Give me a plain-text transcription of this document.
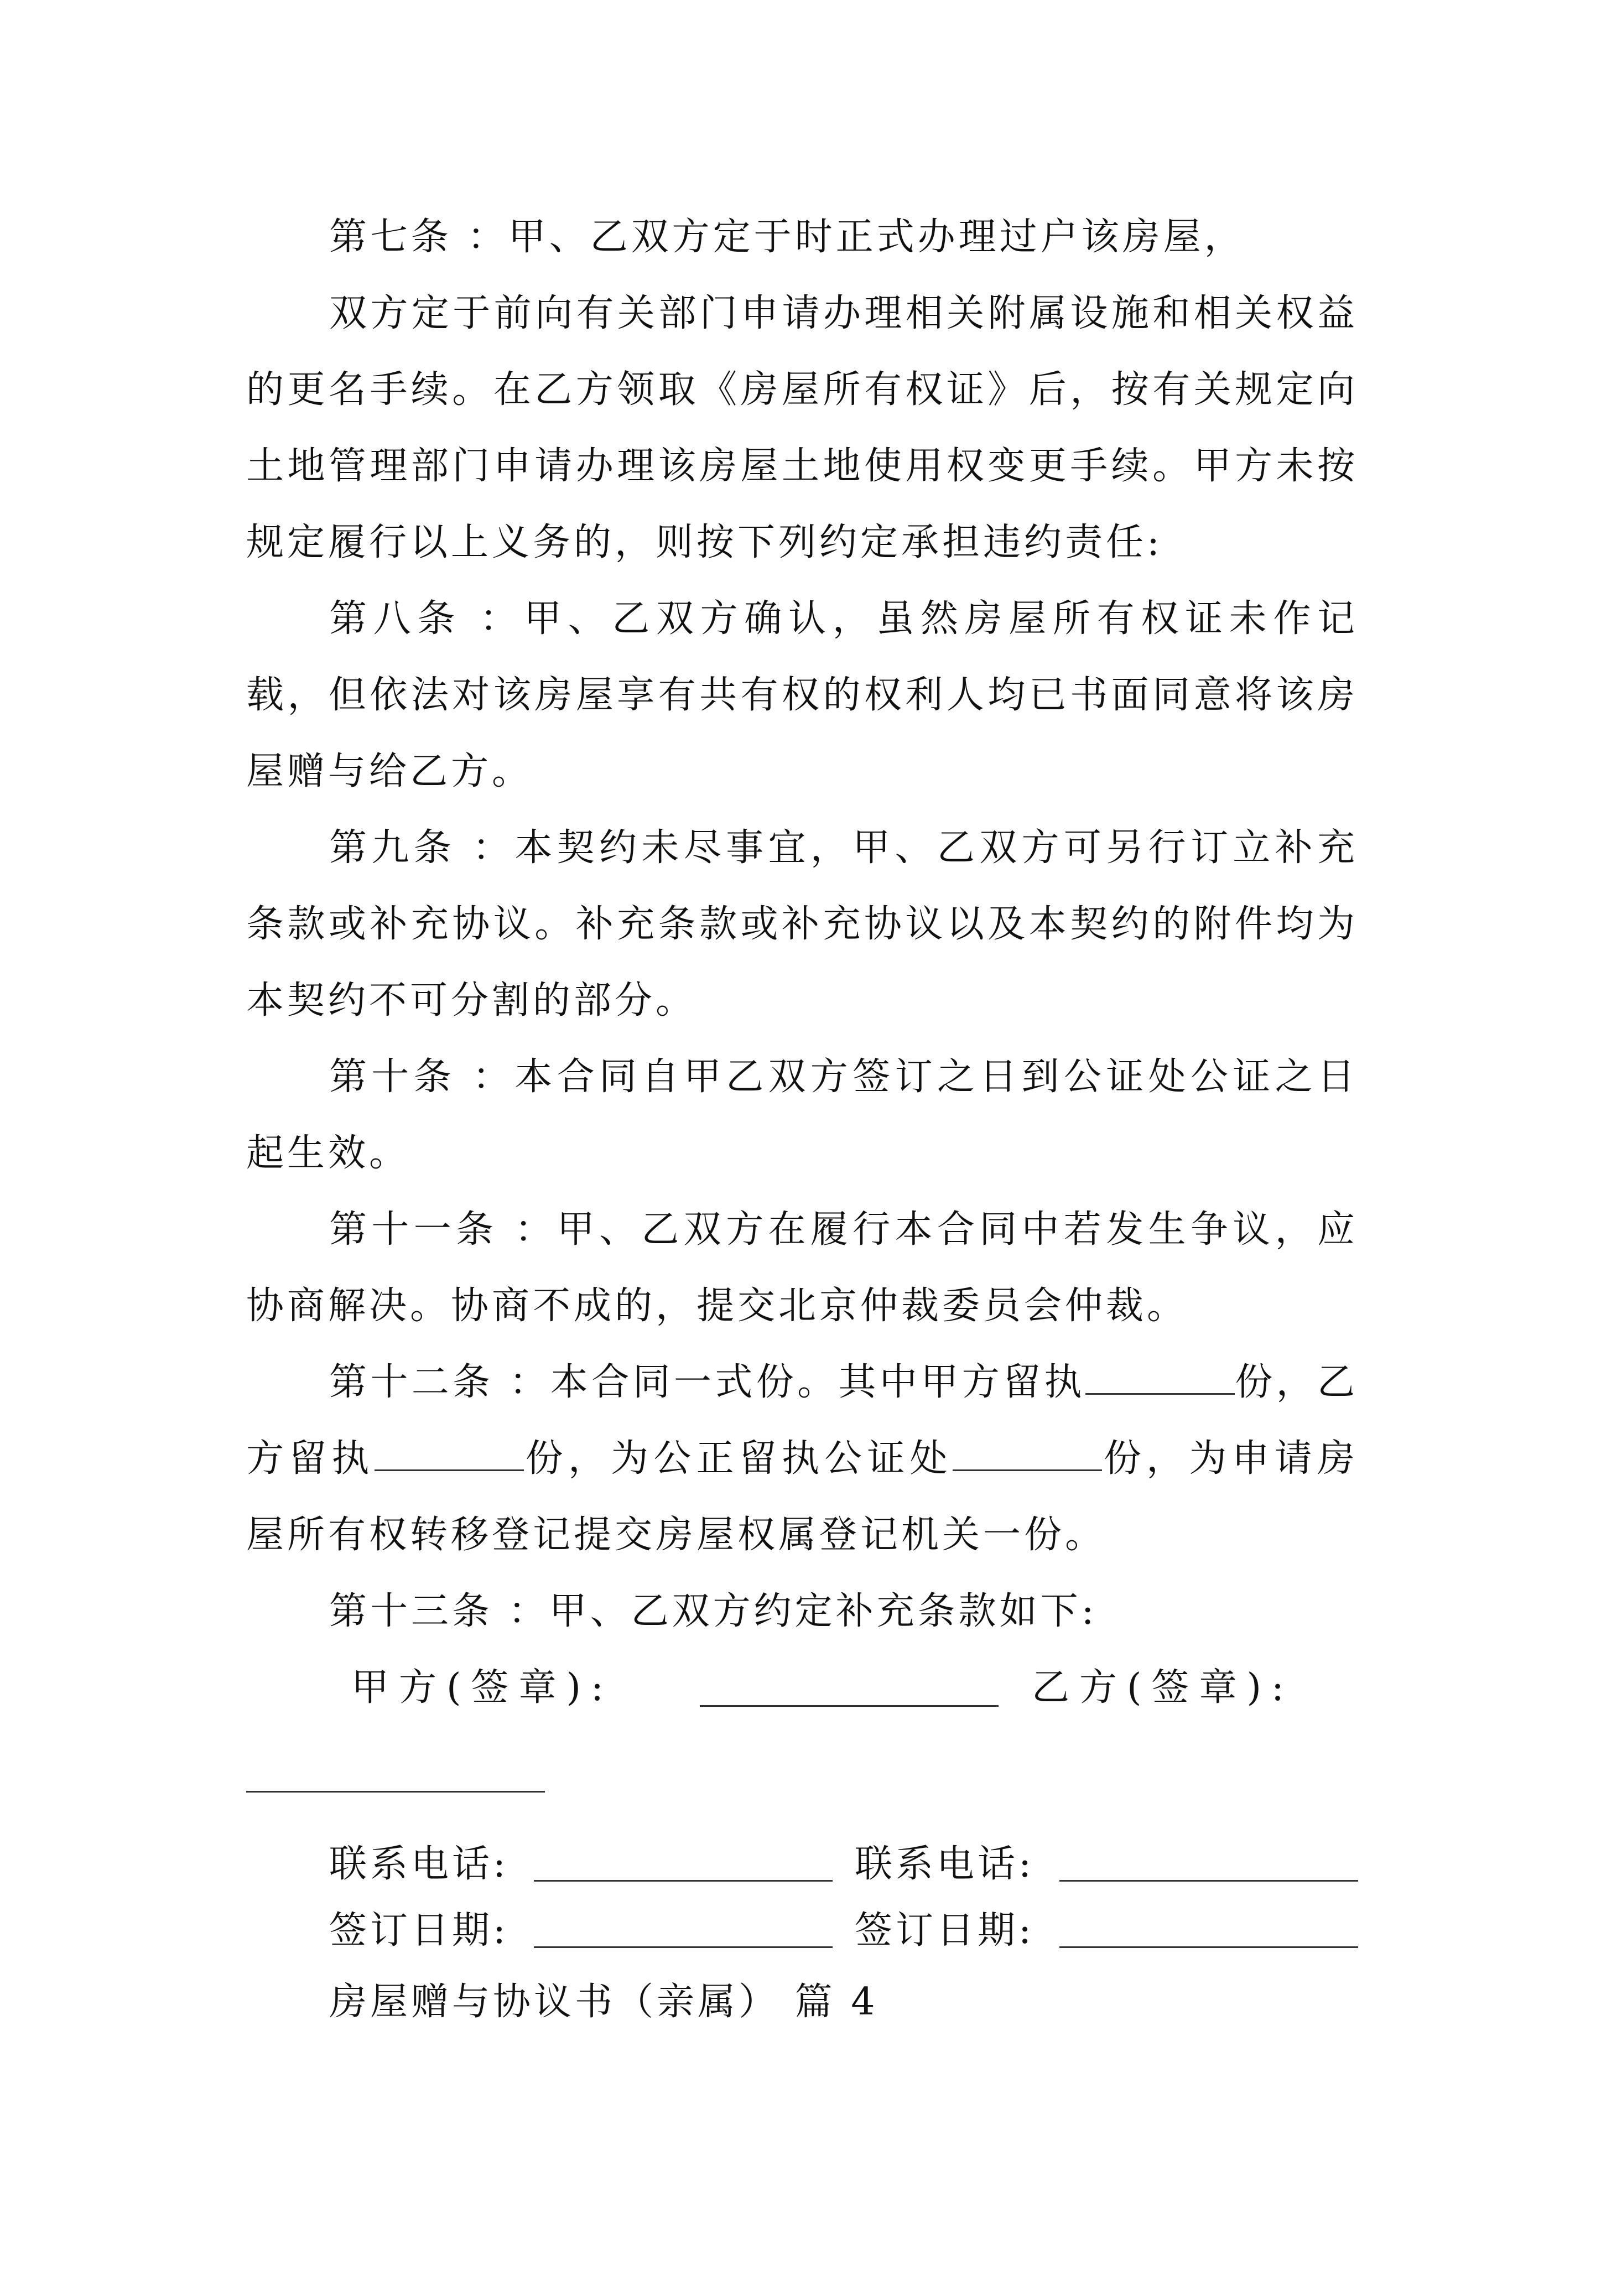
第七条 ：甲、乙双方定于时正式办理过户该房屋，

双方定于前向有关部门申请办理相关附属设施和相关权益的更名手续。在乙方领取《房屋所有权证》后，按有关规定向土地管理部门申请办理该房屋土地使用权变更手续。甲方未按规定履行以上义务的，则按下列约定承担违约责任:

第八条 ：甲、乙双方确认，虽然房屋所有权证未作记载，但依法对该房屋享有共有权的权利人均已书面同意将该房屋赠与给乙方。

第九条 ：本契约未尽事宜，甲、乙双方可另行订立补充条款或补充协议。补充条款或补充协议以及本契约的附件均为本契约不可分割的部分。

第十条 ：本合同自甲乙双方签订之日到公证处公证之日起生效。

第十一条 ：甲、乙双方在履行本合同中若发生争议，应协商解决。协商不成的，提交北京仲裁委员会仲裁。

第十二条 ：本合同一式份。其中甲方留执	份，乙方留执	份，为公正留执公证处	份，为申请房屋所有权转移登记提交房屋权属登记机关一份。

第十三条 ：甲、乙双方约定补充条款如下:

甲方(签章):

	乙方(签章):

联系电话:

	联系电话:

签订日期:

	签订日期:

房屋赠与协议书（亲属） 篇 4
